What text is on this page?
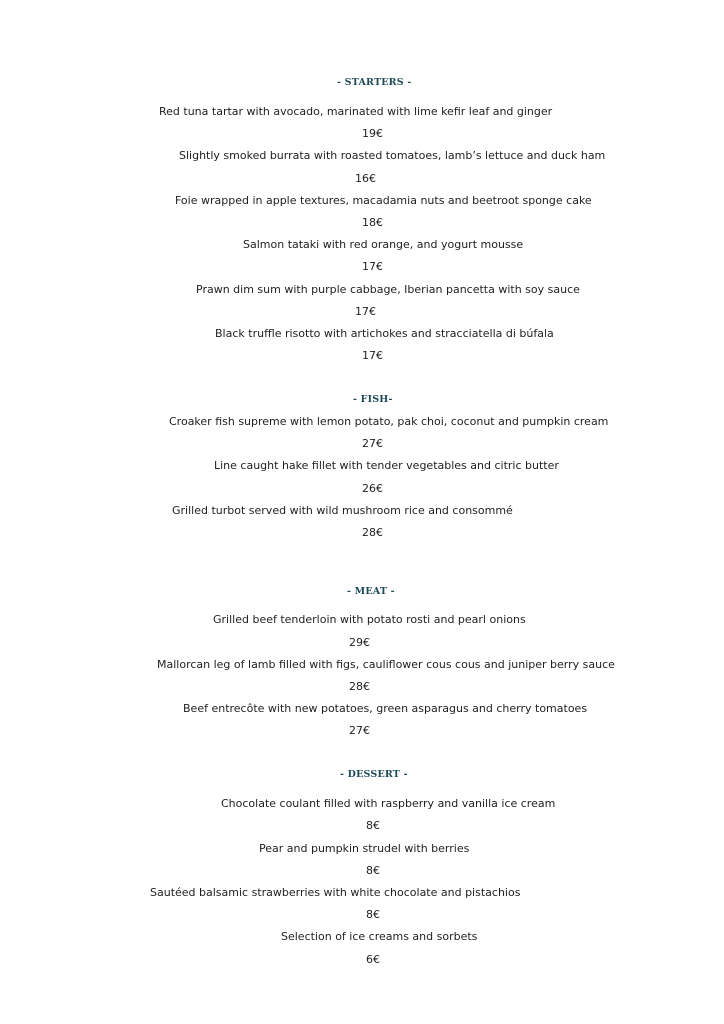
- STARTERS -
Red tuna tartar with avocado, marinated with lime kefir leaf and ginger
19€
Slightly smoked burrata with roasted tomatoes, lamb’s lettuce and duck ham
16€
Foie wrapped in apple textures, macadamia nuts and beetroot sponge cake
18€
Salmon tataki with red orange, and yogurt mousse
17€
Prawn dim sum with purple cabbage, Iberian pancetta with soy sauce
17€
Black truffle risotto with artichokes and stracciatella di búfala
17€
- FISH-
Croaker fish supreme with lemon potato, pak choi, coconut and pumpkin cream
27€
Line caught hake fillet with tender vegetables and citric butter
26€
Grilled turbot served with wild mushroom rice and consommé
28€
- MEAT -
Grilled beef tenderloin with potato rosti and pearl onions
29€
Mallorcan leg of lamb filled with figs, cauliflower cous cous and juniper berry sauce
28€
Beef entrecôte with new potatoes, green asparagus and cherry tomatoes
27€
- DESSERT -
Chocolate coulant filled with raspberry and vanilla ice cream
8€
Pear and pumpkin strudel with berries
8€
Sautéed balsamic strawberries with white chocolate and pistachios
8€
Selection of ice creams and sorbets
6€
